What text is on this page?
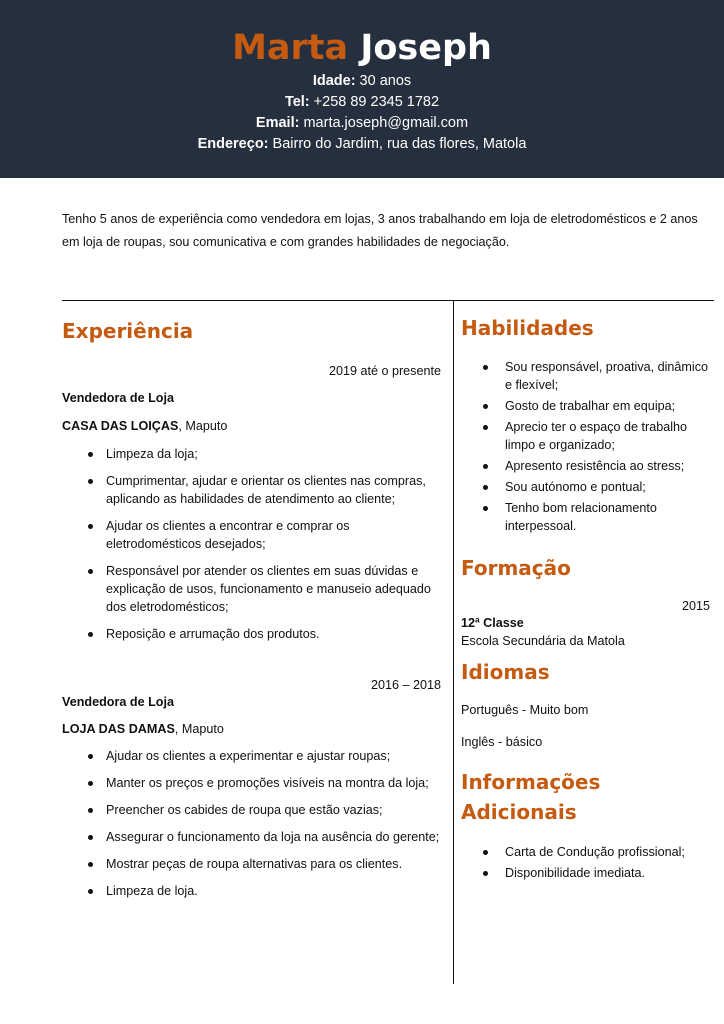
Marta Joseph
Idade: 30 anos
Tel: +258 89 2345 1782
Email: marta.joseph@gmail.com
Endereço: Bairro do Jardim, rua das flores, Matola
Tenho 5 anos de experiência como vendedora em lojas, 3 anos trabalhando em loja de eletrodomésticos e 2 anos em loja de roupas, sou comunicativa e com grandes habilidades de negociação.
Experiência
2019 até o presente
Vendedora de Loja
CASA DAS LOIÇAS, Maputo
Limpeza da loja;
Cumprimentar, ajudar e orientar os clientes nas compras, aplicando as habilidades de atendimento ao cliente;
Ajudar os clientes a encontrar e comprar os eletrodomésticos desejados;
Responsável por atender os clientes em suas dúvidas e explicação de usos, funcionamento e manuseio adequado dos eletrodomésticos;
Reposição e arrumação dos produtos.
2016 – 2018
Vendedora de Loja
LOJA DAS DAMAS, Maputo
Ajudar os clientes a experimentar e ajustar roupas;
Manter os preços e promoções visíveis na montra da loja;
Preencher os cabides de roupa que estão vazias;
Assegurar o funcionamento da loja na ausência do gerente;
Mostrar peças de roupa alternativas para os clientes.
Limpeza de loja.
Habilidades
Sou responsável, proativa, dinâmico e flexível;
Gosto de trabalhar em equipa;
Aprecio ter o espaço de trabalho limpo e organizado;
Apresento resistência ao stress;
Sou autónomo e pontual;
Tenho bom relacionamento interpessoal.
Formação
2015
12ª Classe
Escola Secundária da Matola
Idiomas
Português - Muito bom
Inglês - básico
Informações
Adicionais
Carta de Condução profissional;
Disponibilidade imediata.
